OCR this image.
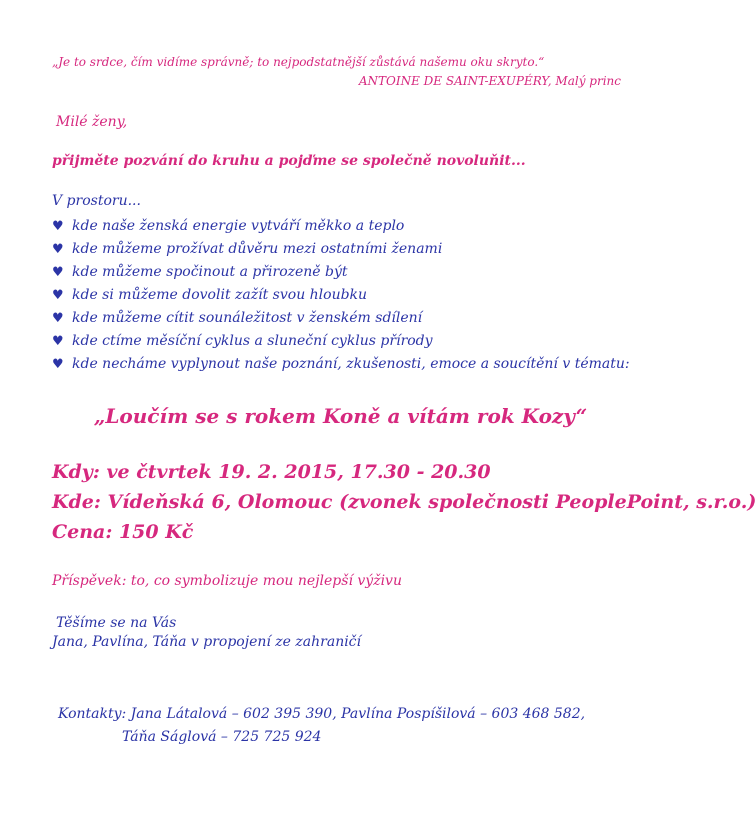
„Je to srdce, čím vidíme správně; to nejpodstatnější zůstává našemu oku skryto.“
ANTOINE DE SAINT-EXUPÉRY, Malý princ
Milé ženy,
přijměte pozvání do kruhu a pojďme se společně novoluňit...
V prostoru...
♥ kde naše ženská energie vytváří měkko a teplo
♥ kde můžeme prožívat důvěru mezi ostatními ženami
♥ kde můžeme spočinout a přirozeně být
♥ kde si můžeme dovolit zažít svou hloubku
♥ kde můžeme cítit sounáležitost v ženském sdílení
♥ kde ctíme měsíční cyklus a sluneční cyklus přírody
♥ kde necháme vyplynout naše poznání, zkušenosti, emoce a soucítění v tématu:
„Loučím se s rokem Koně a vítám rok Kozy“
Kdy: ve čtvrtek 19. 2. 2015, 17.30 - 20.30
Kde: Vídeňská 6, Olomouc (zvonek společnosti PeoplePoint, s.r.o.)
Cena: 150 Kč
Příspěvek: to, co symbolizuje mou nejlepší výživu
Těšíme se na Vás
Jana, Pavlína, Táňa v propojení ze zahraničí
Kontakty: Jana Látalová – 602 395 390, Pavlína Pospíšilová – 603 468 582,
Táňa Ságlová – 725 725 924
